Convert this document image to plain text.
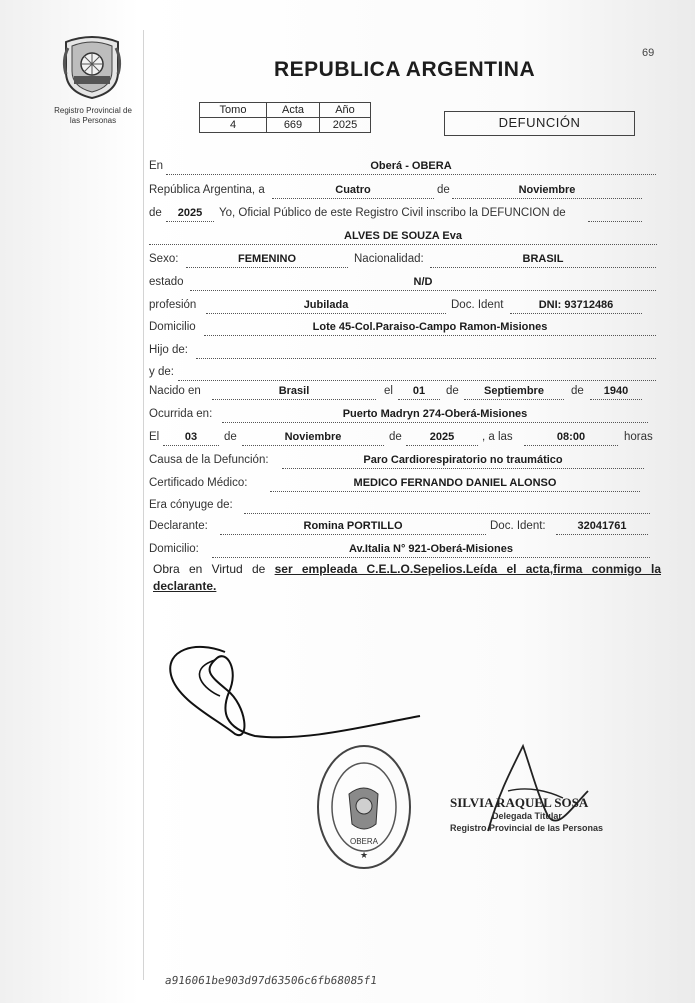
Registro Provincial de
las Personas
69
REPUBLICA ARGENTINA
Tomo	Acta	Año
4	669	2025	DEFUNCIÓN
En	Oberá - OBERA
República Argentina, a	Cuatro	de	Noviembre
de	2025	Yo, Oficial Público de este Registro Civil inscribo la DEFUNCION de
ALVES DE SOUZA Eva
Sexo:	FEMENINO	Nacionalidad:	BRASIL
estado	N/D
profesión	Jubilada	Doc. Ident	DNI: 93712486
Domicilio	Lote 45-Col.Paraiso-Campo Ramon-Misiones
Hijo de:
y de:
Nacido en	Brasil	el	01	de	Septiembre	de	1940
Ocurrida en:	Puerto Madryn 274-Oberá-Misiones
El	03	de	Noviembre	de	2025	, a las	08:00	horas
Causa de la Defunción:	Paro Cardiorespiratorio no traumático
Certificado Médico:	MEDICO FERNANDO DANIEL ALONSO
Era cónyuge de:
Declarante:	Romina PORTILLO	Doc. Ident:	32041761
Domicilio:	Av.Italia N° 921-Oberá-Misiones
Obra en Virtud de ser empleada C.E.L.O.Sepelios.Leída el acta,firma conmigo la declarante.
OBERA
★
SILVIA RAQUEL SOSA
Delegada Titular
Registro Provincial de las Personas
a916061be903d97d63506c6fb68085f1
